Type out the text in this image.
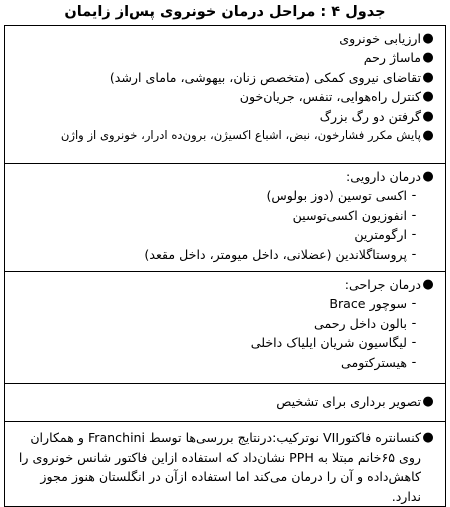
جدول ۴ : مراحل درمان خونروی پس‌از زایمان
●
ارزیابی خونروی
●
ماساژ رحم
●
تقاضای نیروی کمکی (متخصص زنان، بیهوشی، مامای ارشد)
●
کنترل راه‌هوایی، تنفس، جریان‌خون
●
گرفتن دو رگ بزرگ
●
پایش مکرر فشارخون، نبض، اشباع اکسیژن، برون‌ده ادرار، خونروی از واژن
●
درمان دارویی:
-
اکسی توسین (دوز بولوس)
-
انفوزیون اکسی‌توسین
-
ارگومترین
-
پروستاگلاندین (عضلانی، داخل میومتر، داخل مقعد)
●
درمان جراحی:
-
سوچور Brace
-
بالون داخل رحمی
-
لیگاسیون شریان ایلیاک داخلی
-
هیسترکتومی
●
تصویر برداری برای تشخیص
●
کنسانتره فاکتورVII نوترکیب:درنتایج بررسی‌ها توسط Franchini و همکاران روی ۶۵خانم مبتلا به PPH نشان‌داد که استفاده ازاین فاکتور شانس خونروی را کاهش‌داده و آن را درمان می‌کند اما استفاده ازآن در انگلستان هنوز مجوز ندارد.
